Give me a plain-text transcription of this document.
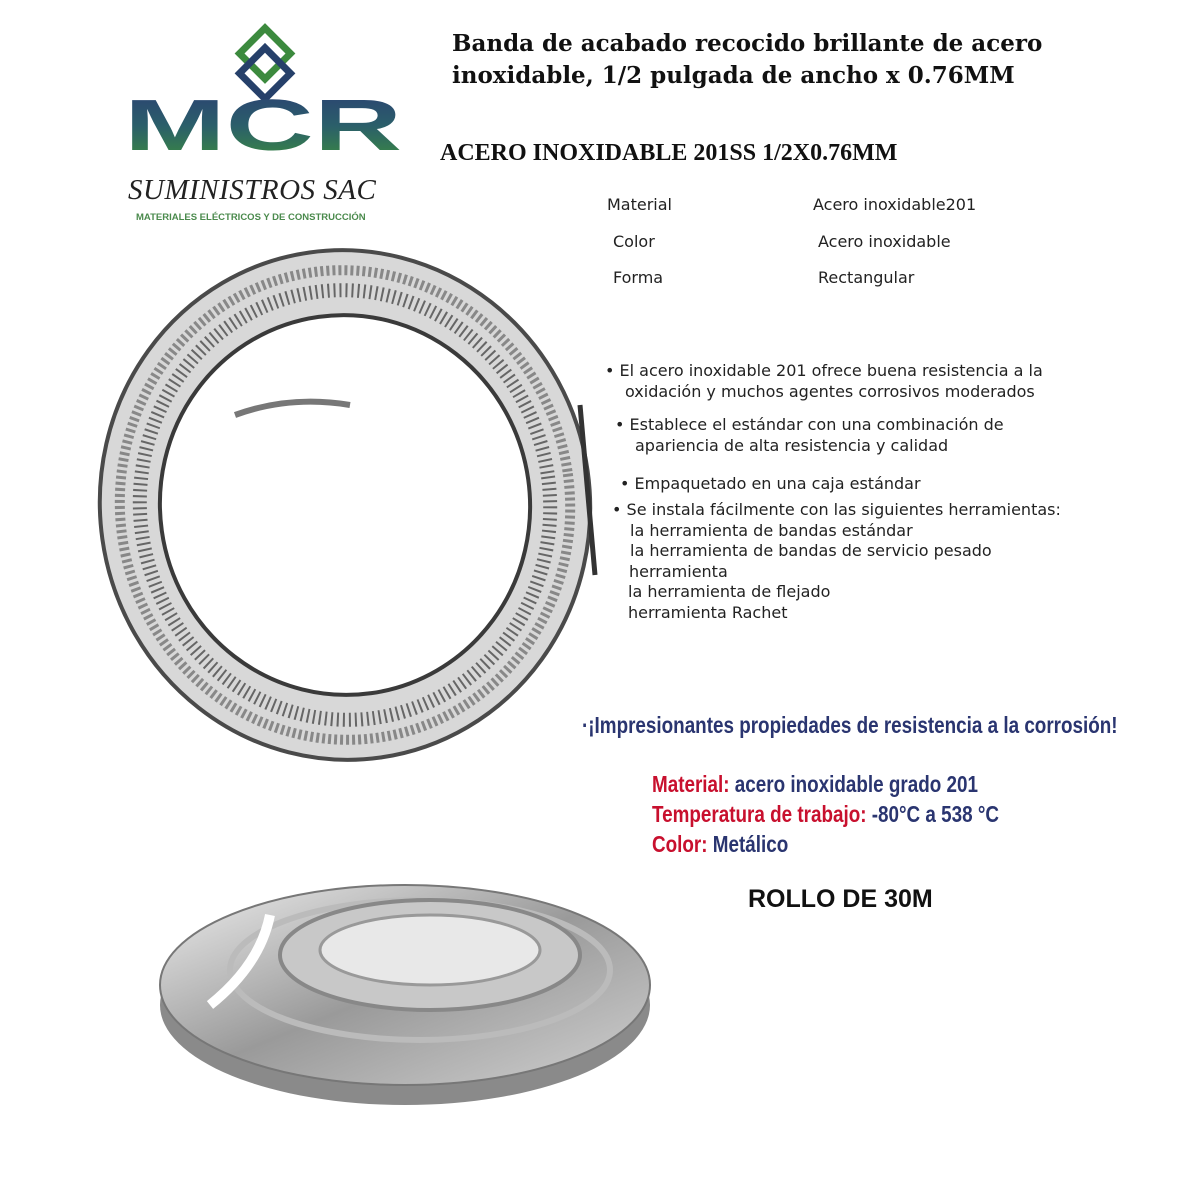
MCR
SUMINISTROS SAC
MATERIALES ELÉCTRICOS Y DE CONSTRUCCIÓN
Banda de acabado recocido brillante de acero
inoxidable, 1/2 pulgada de ancho x 0.76MM
ACERO INOXIDABLE 201SS 1/2X0.76MM
Material	Acero inoxidable201
Color	Acero inoxidable
Forma	Rectangular
• El acero inoxidable 201 ofrece buena resistencia a la
oxidación y muchos agentes corrosivos moderados
• Establece el estándar con una combinación de
apariencia de alta resistencia y calidad
• Empaquetado en una caja estándar
• Se instala fácilmente con las siguientes herramientas:
la herramienta de bandas estándar
la herramienta de bandas de servicio pesado
herramienta
la herramienta de flejado
herramienta Rachet
·¡Impresionantes propiedades de resistencia a la corrosión!
Material: acero inoxidable grado 201
Temperatura de trabajo: -80°C a 538 °C
Color: Metálico
ROLLO DE 30M
